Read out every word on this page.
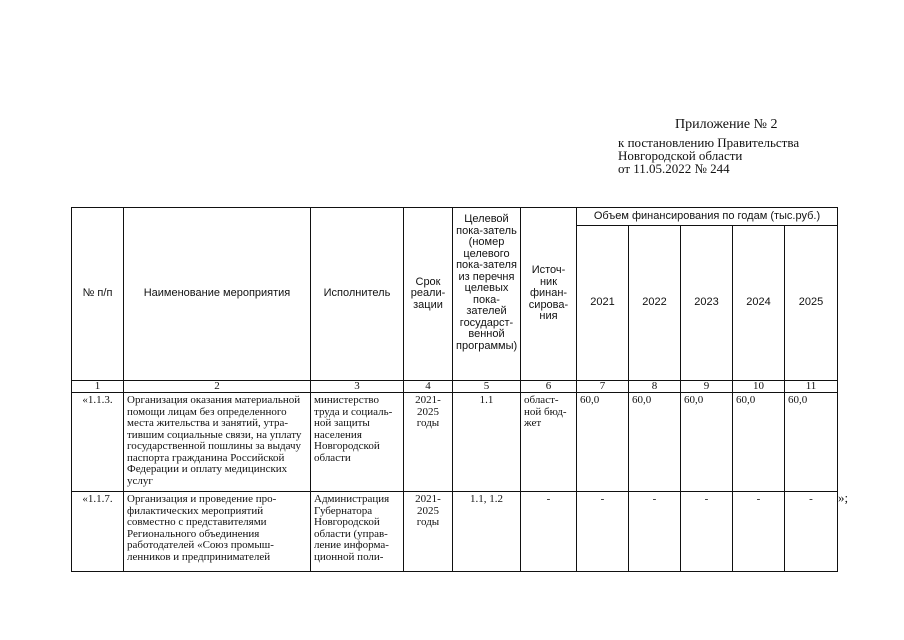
Приложение № 2
к постановлению Правительства
Новгородской области
от 11.05.2022 № 244
№ п/п	Наименование мероприятия	Исполнитель	Срок реали-зации	Целевой пока-затель (номер целевого пока-зателя из перечня целевых пока-зателей государст-венной программы)	Источ-ник финан-сирова-ния	Объем финансирования по годам (тыс.руб.)				
						2021	2022	2023	2024	2025
1	2	3	4	5	6	7	8	9	10	11
«1.1.3.	Организация оказания материальной помощи лицам без определенного места жительства и занятий, утра-тившим социальные связи, на уплату государственной пошлины за выдачу паспорта гражданина Российской Федерации и оплату медицинских услуг	министерство труда и социаль-ной защиты населения Новгородской области	2021-2025 годы	1.1	област-ной бюд-жет	60,0	60,0	60,0	60,0	60,0
«1.1.7.	Организация и проведение про-филактических мероприятий совместно с представителями Регионального объединения работодателей «Союз промыш-ленников и предпринимателей	Администрация Губернатора Новгородской области (управ-ление информа-ционной поли-	2021-2025 годы	1.1, 1.2	-	-	-	-	-	- »;
